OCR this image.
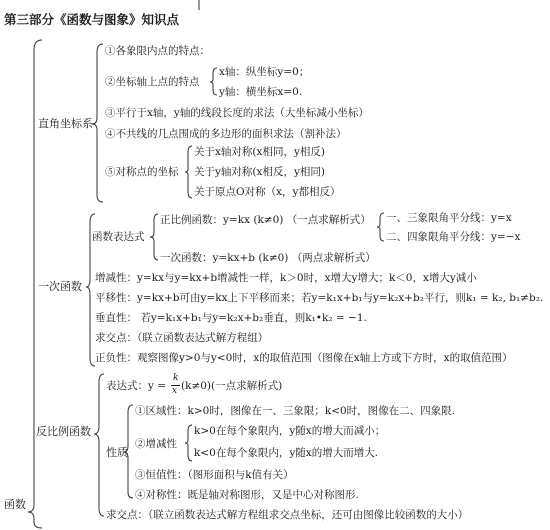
第三部分《函数与图象》知识点
函数
直角坐标系
①各象限内点的特点：
②坐标轴上点的特点
x轴：纵坐标y=0；
y轴：横坐标x=0.
③平行于x轴，y轴的线段长度的求法（大坐标减小坐标）
④不共线的几点围成的多边形的面积求法（割补法）
⑤对称点的坐标
关于x轴对称(x相同，y相反)
关于y轴对称(x相反，y相同)
关于原点O对称（x，y都相反）
一次函数
函数表达式
正比例函数：y=kx (k≠0) （一点求解析式） 一、三象限角平分线：y=x
二、四象限角平分线：y=−x
一次函数：y=kx+b (k≠0) （两点求解析式）
增减性：y=kx与y=kx+b增减性一样，k＞0时，x增大y增大；k＜0，x增大y减小
平移性：y=kx+b可由y=kx上下平移而来；若y=k₁x+b₁与y=k₂x+b₂平行，则k₁ = k₂, b₁≠b₂.
垂直性： 若y=k₁x+b₁与y=k₂x+b₂垂直，则k₁•k₂ = −1.
求交点：（联立函数表达式解方程组）
正负性：观察图像y>0与y<0时，x的取值范围（图像在x轴上方或下方时，x的取值范围）
反比例函数
表达式：y =
k
x (k≠0)(一点求解析式)
性质
①区域性：k>0时，图像在一、三象限；k<0时，图像在二、四象限.
②增减性
k>0在每个象限内，y随x的增大而减小；
k<0在每个象限内，y随x的增大而增大.
③恒值性：（图形面积与k值有关）
④对称性：既是轴对称图形，又是中心对称图形.
求交点：（联立函数表达式解方程组求交点坐标，还可由图像比较函数的大小）
